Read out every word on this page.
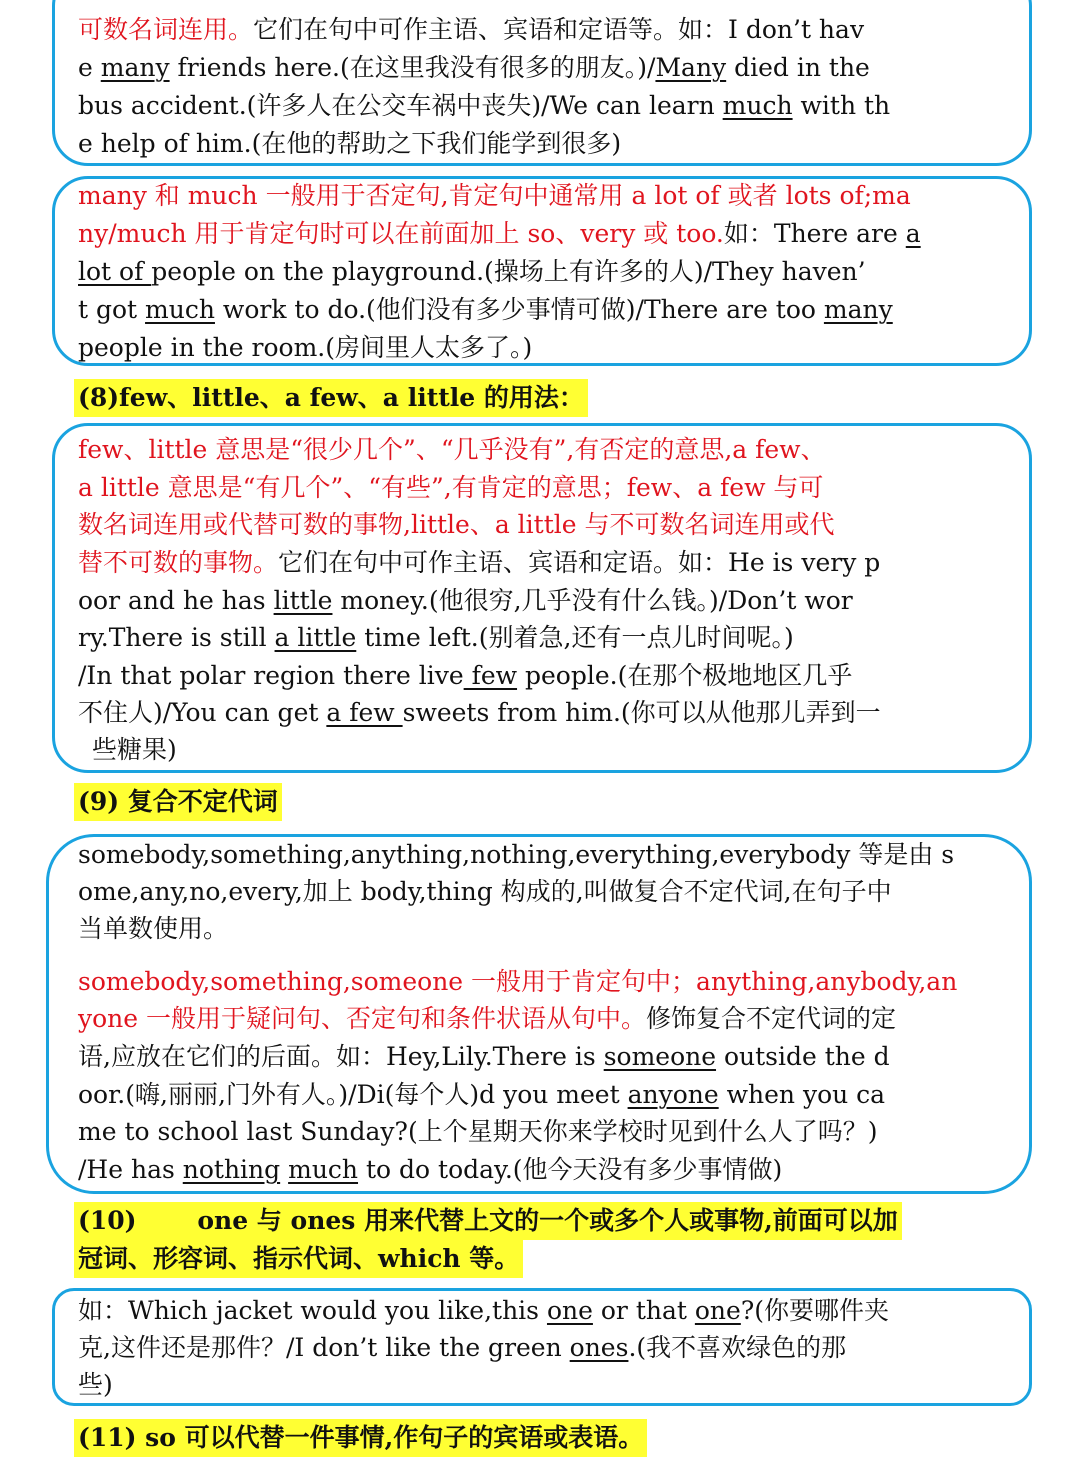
可数名词连用。它们在句中可作主语、宾语和定语等。如：I don’t hav
e many friends here.(在这里我没有很多的朋友。)/Many died in the
bus accident.(许多人在公交车祸中丧失)/We can learn much with th
e help of him.(在他的帮助之下我们能学到很多)
many 和 much 一般用于否定句,肯定句中通常用 a lot of 或者 lots of;ma
ny/much 用于肯定句时可以在前面加上 so、very 或 too.如：There are a
lot of people on the playground.(操场上有许多的人)/They haven’
t got much work to do.(他们没有多少事情可做)/There are too many
people in the room.(房间里人太多了。)
(8)few、little、a few、a little 的用法：
few、little 意思是“很少几个”、“几乎没有”,有否定的意思,a few、
a little 意思是“有几个”、“有些”,有肯定的意思；few、a few 与可
数名词连用或代替可数的事物,little、a little 与不可数名词连用或代
替不可数的事物。它们在句中可作主语、宾语和定语。如：He is very p
oor and he has little money.(他很穷,几乎没有什么钱。)/Don’t wor
ry.There is still a little time left.(别着急,还有一点儿时间呢。)
/In that polar region there live few people.(在那个极地地区几乎
不住人)/You can get a few sweets from him.(你可以从他那儿弄到一
些糖果)
(9) 复合不定代词
somebody,something,anything,nothing,everything,everybody 等是由 s
ome,any,no,every,加上 body,thing 构成的,叫做复合不定代词,在句子中
当单数使用。
somebody,something,someone 一般用于肯定句中；anything,anybody,an
yone 一般用于疑问句、否定句和条件状语从句中。修饰复合不定代词的定
语,应放在它们的后面。如：Hey,Lily.There is someone outside the d
oor.(嗨,丽丽,门外有人。)/Di(每个人)d you meet anyone when you ca
me to school last Sunday?(上个星期天你来学校时见到什么人了吗？)
/He has nothing much to do today.(他今天没有多少事情做)
(10)       one 与 ones 用来代替上文的一个或多个人或事物,前面可以加
冠词、形容词、指示代词、which 等。
如：Which jacket would you like,this one or that one?(你要哪件夹
克,这件还是那件？/I don’t like the green ones.(我不喜欢绿色的那
些)
(11) so 可以代替一件事情,作句子的宾语或表语。
